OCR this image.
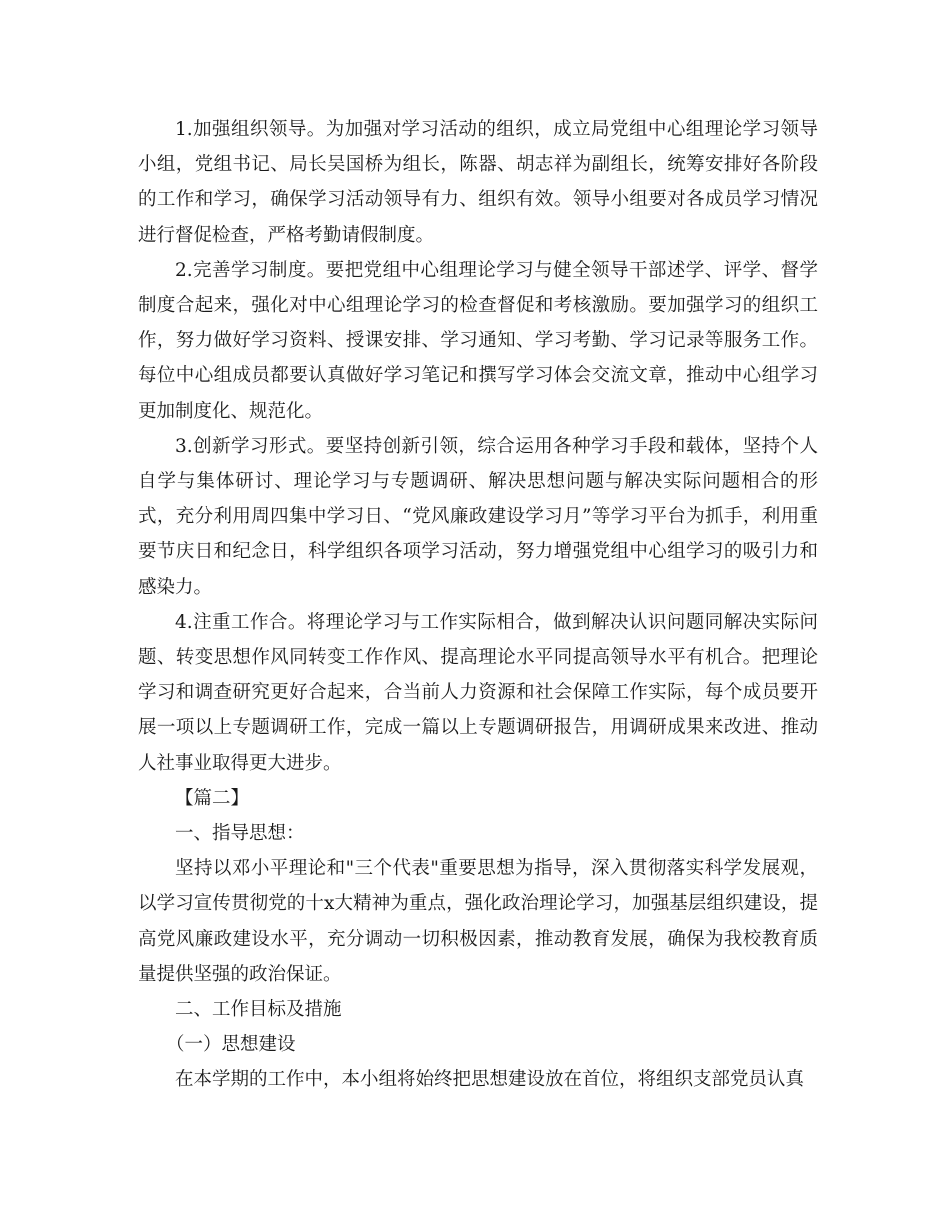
1.加强组织领导。为加强对学习活动的组织，成立局党组中心组理论学习领导小组，党组书记、局长吴国桥为组长，陈器、胡志祥为副组长，统筹安排好各阶段的工作和学习，确保学习活动领导有力、组织有效。领导小组要对各成员学习情况进行督促检查，严格考勤请假制度。

2.完善学习制度。要把党组中心组理论学习与健全领导干部述学、评学、督学制度合起来，强化对中心组理论学习的检查督促和考核激励。要加强学习的组织工作，努力做好学习资料、授课安排、学习通知、学习考勤、学习记录等服务工作。每位中心组成员都要认真做好学习笔记和撰写学习体会交流文章，推动中心组学习更加制度化、规范化。

3.创新学习形式。要坚持创新引领，综合运用各种学习手段和载体，坚持个人自学与集体研讨、理论学习与专题调研、解决思想问题与解决实际问题相合的形式，充分利用周四集中学习日、“党风廉政建设学习月”等学习平台为抓手，利用重要节庆日和纪念日，科学组织各项学习活动，努力增强党组中心组学习的吸引力和感染力。

4.注重工作合。将理论学习与工作实际相合，做到解决认识问题同解决实际问题、转变思想作风同转变工作作风、提高理论水平同提高领导水平有机合。把理论学习和调查研究更好合起来，合当前人力资源和社会保障工作实际，每个成员要开展一项以上专题调研工作，完成一篇以上专题调研报告，用调研成果来改进、推动人社事业取得更大进步。

【篇二】

一、指导思想：

坚持以邓小平理论和"三个代表"重要思想为指导，深入贯彻落实科学发展观，以学习宣传贯彻党的十x大精神为重点，强化政治理论学习，加强基层组织建设，提高党风廉政建设水平，充分调动一切积极因素，推动教育发展，确保为我校教育质量提供坚强的政治保证。

二、工作目标及措施

（一）思想建设

在本学期的工作中，本小组将始终把思想建设放在首位，将组织支部党员认真
